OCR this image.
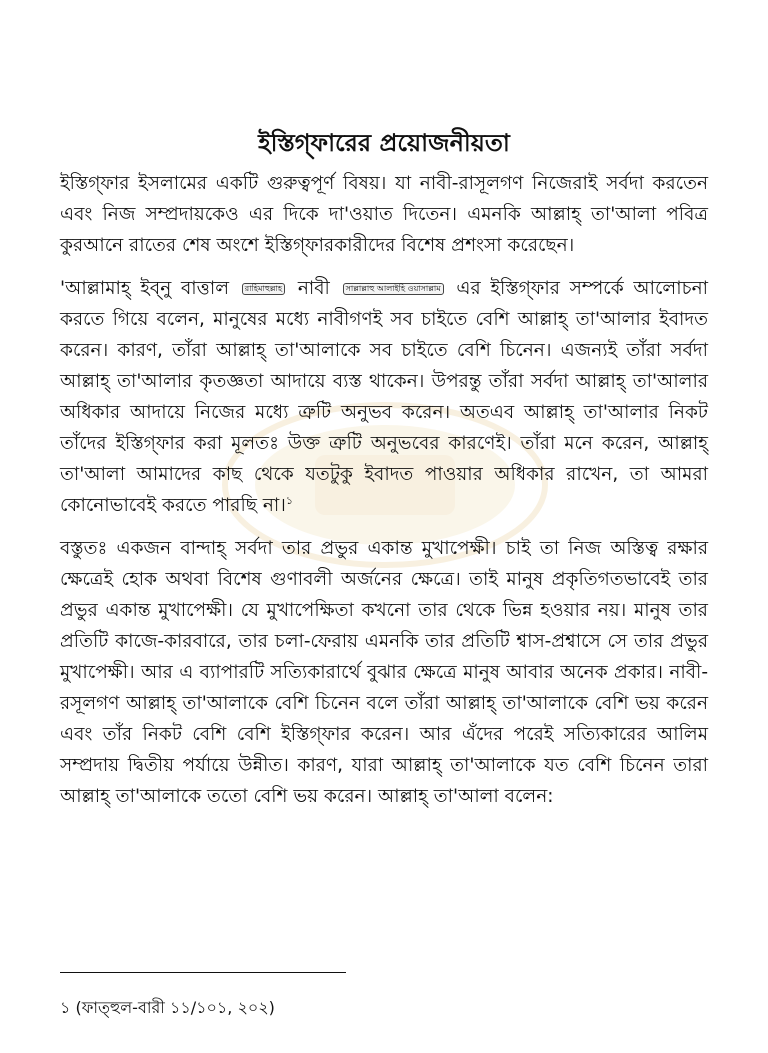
ইস্তিগ্‌ফারের প্রয়োজনীয়তা

ইস্তিগ্‌ফার ইসলামের একটি গুরুত্বপূর্ণ বিষয়। যা নাবী-রাসূলগণ নিজেরাই সর্বদা করতেন এবং নিজ সম্প্রদায়কেও এর দিকে দা'ওয়াত দিতেন। এমনকি আল্লাহ্‌ তা'আলা পবিত্র কুরআনে রাতের শেষ অংশে ইস্তিগ্‌ফারকারীদের বিশেষ প্রশংসা করেছেন।

'আল্লামাহ্‌ ইব্‌নু বাত্তাল রাহিমাহুল্লাহ নাবী সাল্লাল্লাহু আলাইহি ওয়াসাল্লাম এর ইস্তিগ্‌ফার সম্পর্কে আলোচনা করতে গিয়ে বলেন, মানুষের মধ্যে নাবীগণই সব চাইতে বেশি আল্লাহ্‌ তা'আলার ইবাদত করেন। কারণ, তাঁরা আল্লাহ্‌ তা'আলাকে সব চাইতে বেশি চিনেন। এজন্যই তাঁরা সর্বদা আল্লাহ্‌ তা'আলার কৃতজ্ঞতা আদায়ে ব্যস্ত থাকেন। উপরন্তু তাঁরা সর্বদা আল্লাহ্‌ তা'আলার অধিকার আদায়ে নিজের মধ্যে ত্রুটি অনুভব করেন। অতএব আল্লাহ্‌ তা'আলার নিকট তাঁদের ইস্তিগ্‌ফার করা মূলতঃ উক্ত ত্রুটি অনুভবের কারণেই। তাঁরা মনে করেন, আল্লাহ্‌ তা'আলা আমাদের কাছ থেকে যতটুকু ইবাদত পাওয়ার অধিকার রাখেন, তা আমরা কোনোভাবেই করতে পারছি না।$^১$

বস্তুতঃ একজন বান্দাহ্‌ সর্বদা তার প্রভুর একান্ত মুখাপেক্ষী। চাই তা নিজ অস্তিত্ব রক্ষার ক্ষেত্রেই হোক অথবা বিশেষ গুণাবলী অর্জনের ক্ষেত্রে। তাই মানুষ প্রকৃতিগতভাবেই তার প্রভুর একান্ত মুখাপেক্ষী। যে মুখাপেক্ষিতা কখনো তার থেকে ভিন্ন হওয়ার নয়। মানুষ তার প্রতিটি কাজে-কারবারে, তার চলা-ফেরায় এমনকি তার প্রতিটি শ্বাস-প্রশ্বাসে সে তার প্রভুর মুখাপেক্ষী। আর এ ব্যাপারটি সত্যিকারার্থে বুঝার ক্ষেত্রে মানুষ আবার অনেক প্রকার। নাবী-রসূলগণ আল্লাহ্‌ তা'আলাকে বেশি চিনেন বলে তাঁরা আল্লাহ্‌ তা'আলাকে বেশি ভয় করেন এবং তাঁর নিকট বেশি বেশি ইস্তিগ্‌ফার করেন। আর এঁদের পরেই সত্যিকারের আলিম সম্প্রদায় দ্বিতীয় পর্যায়ে উন্নীত। কারণ, যারা আল্লাহ্‌ তা'আলাকে যত বেশি চিনেন তারা আল্লাহ্‌ তা'আলাকে ততো বেশি ভয় করেন। আল্লাহ্‌ তা'আলা বলেন:

১ (ফাত্‌হুল-বারী ১১/১০১, ২০২)
